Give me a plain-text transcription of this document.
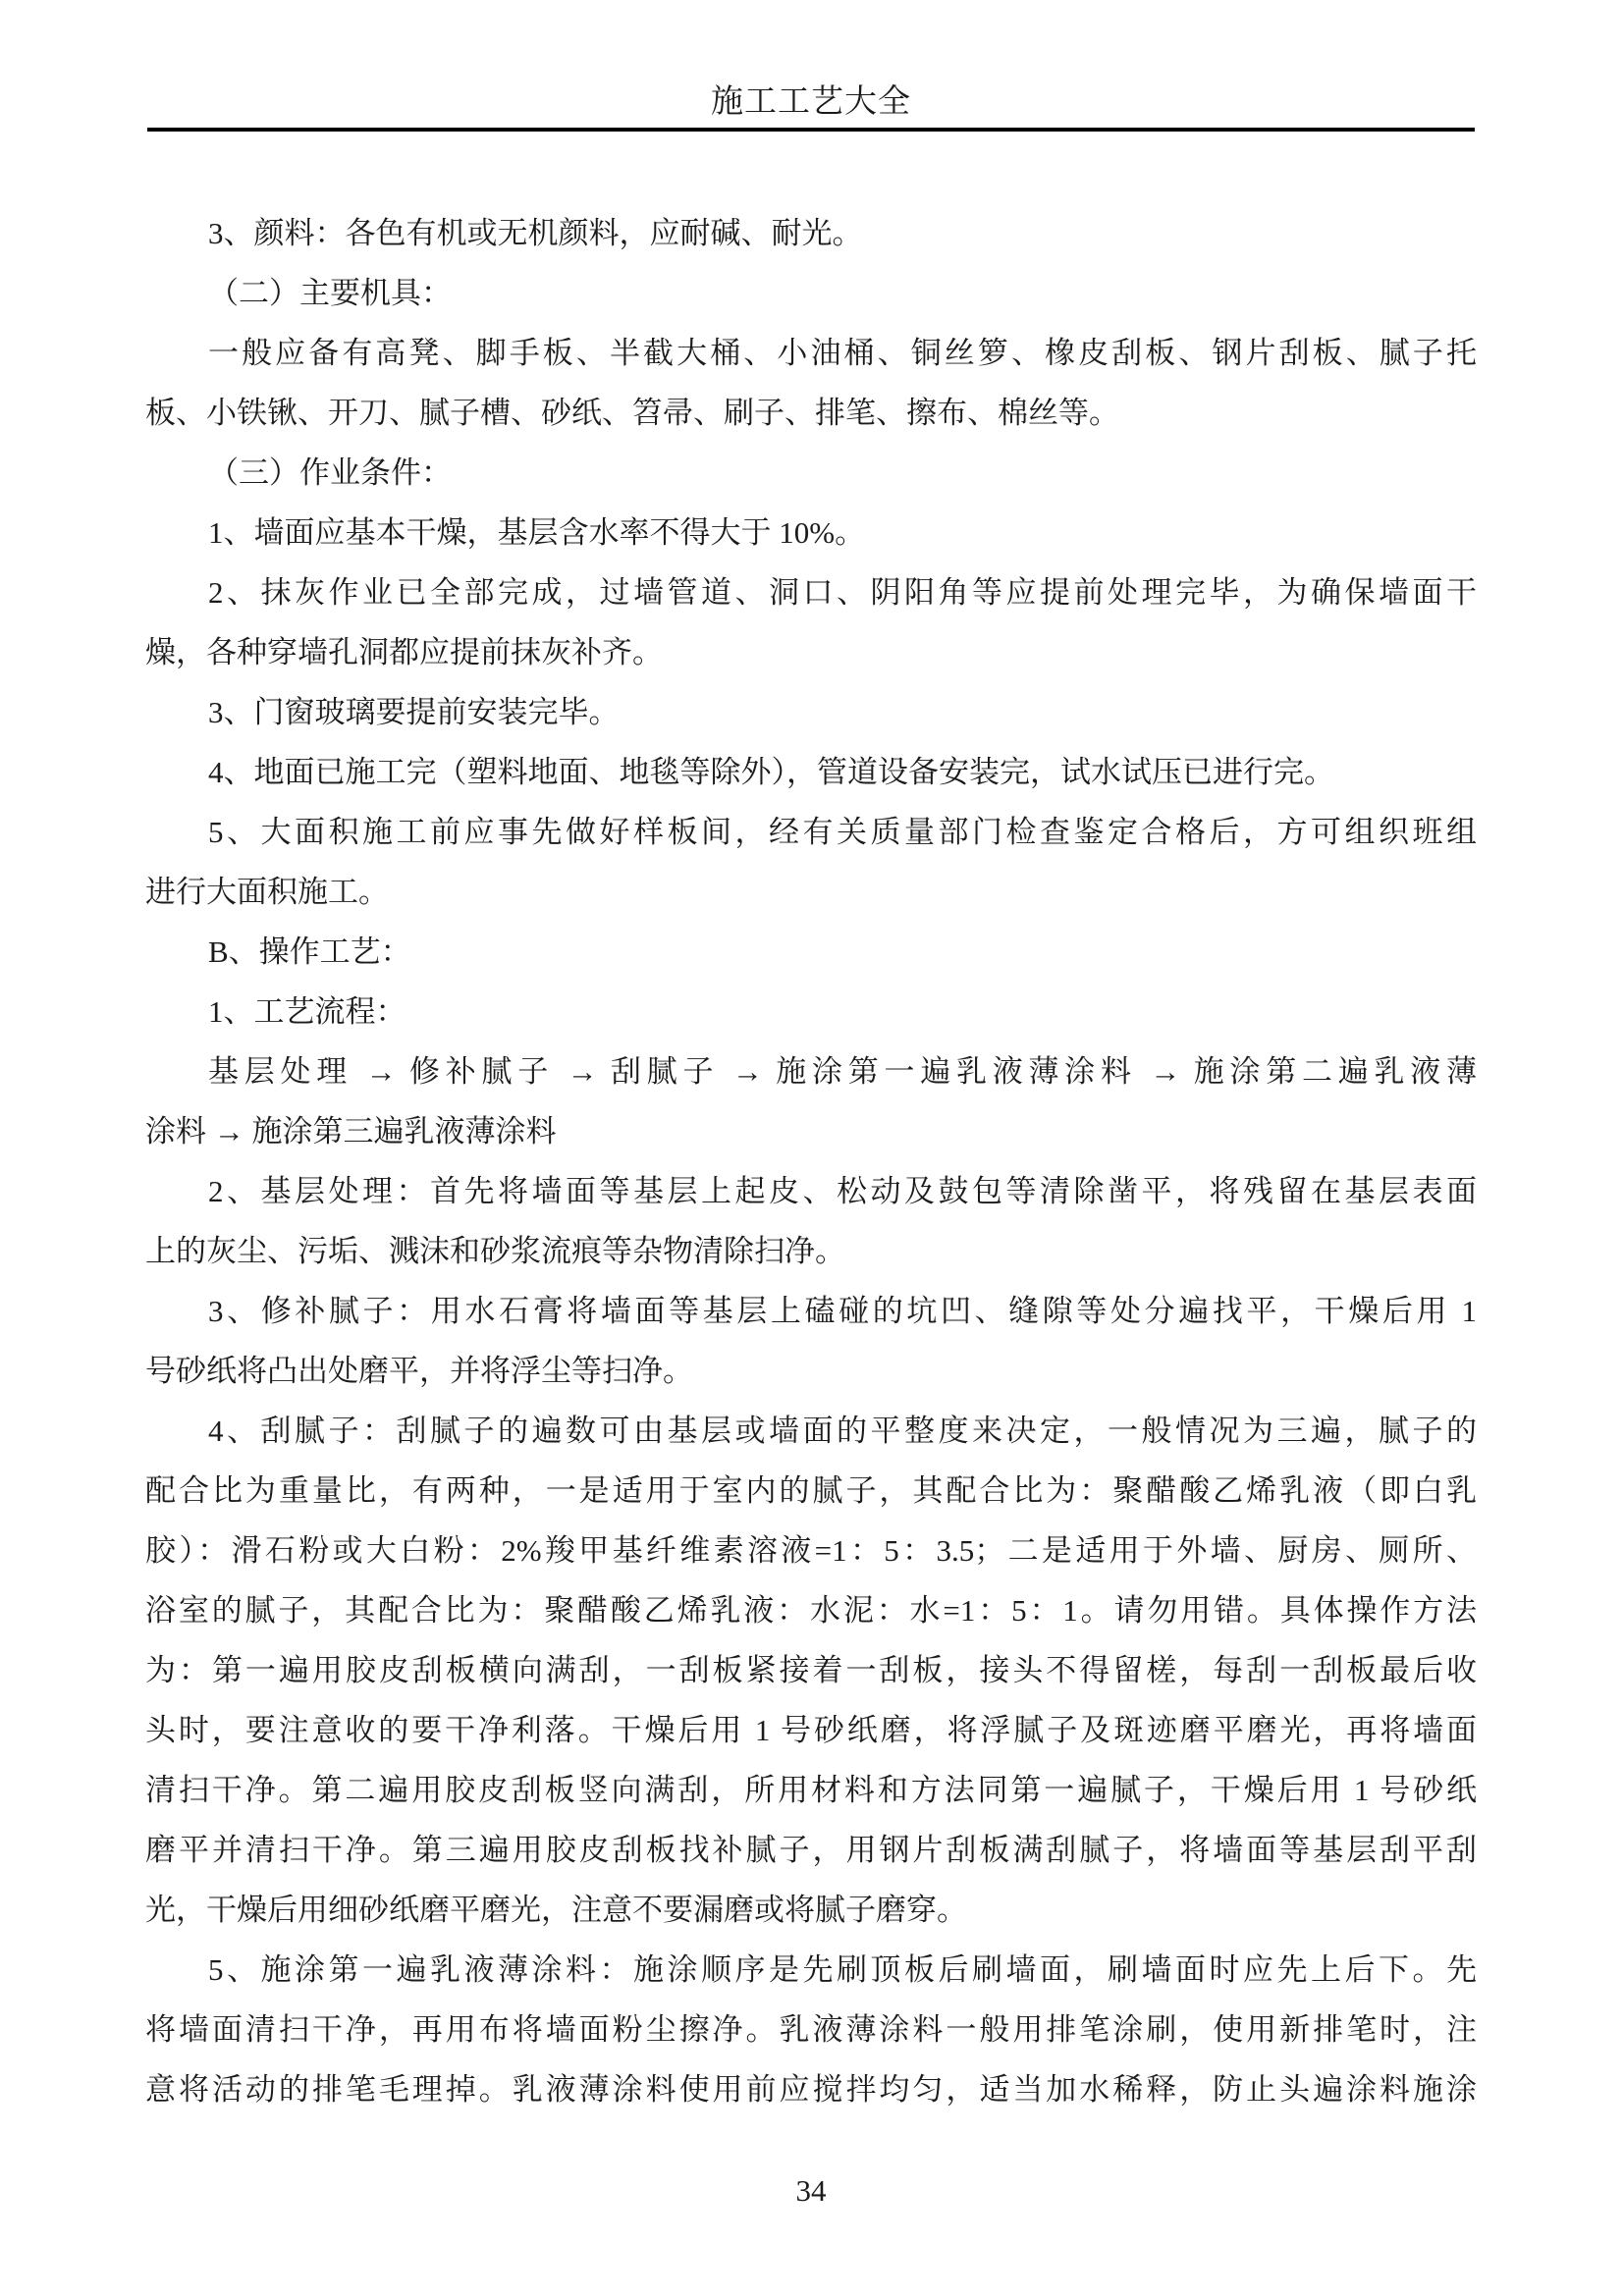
施工工艺大全
3、颜料：各色有机或无机颜料，应耐碱、耐光。
（二）主要机具：
一般应备有高凳、脚手板、半截大桶、小油桶、铜丝箩、橡皮刮板、钢片刮板、腻子托
板、小铁锹、开刀、腻子槽、砂纸、笤帚、刷子、排笔、擦布、棉丝等。
（三）作业条件：
1、墙面应基本干燥，基层含水率不得大于 10%。
2、抹灰作业已全部完成，过墙管道、洞口、阴阳角等应提前处理完毕，为确保墙面干
燥，各种穿墙孔洞都应提前抹灰补齐。
3、门窗玻璃要提前安装完毕。
4、地面已施工完（塑料地面、地毯等除外），管道设备安装完，试水试压已进行完。
5、大面积施工前应事先做好样板间，经有关质量部门检查鉴定合格后，方可组织班组
进行大面积施工。
B、操作工艺：
1、工艺流程：
基层处理 → 修补腻子 → 刮腻子 → 施涂第一遍乳液薄涂料 → 施涂第二遍乳液薄
涂料 → 施涂第三遍乳液薄涂料
2、基层处理：首先将墙面等基层上起皮、松动及鼓包等清除凿平，将残留在基层表面
上的灰尘、污垢、溅沫和砂浆流痕等杂物清除扫净。
3、修补腻子：用水石膏将墙面等基层上磕碰的坑凹、缝隙等处分遍找平，干燥后用 1
号砂纸将凸出处磨平，并将浮尘等扫净。
4、刮腻子：刮腻子的遍数可由基层或墙面的平整度来决定，一般情况为三遍，腻子的
配合比为重量比，有两种，一是适用于室内的腻子，其配合比为：聚醋酸乙烯乳液（即白乳
胶）：滑石粉或大白粉：2%羧甲基纤维素溶液=1：5：3.5；二是适用于外墙、厨房、厕所、
浴室的腻子，其配合比为：聚醋酸乙烯乳液：水泥：水=1：5：1。请勿用错。具体操作方法
为：第一遍用胶皮刮板横向满刮，一刮板紧接着一刮板，接头不得留槎，每刮一刮板最后收
头时，要注意收的要干净利落。干燥后用 1 号砂纸磨，将浮腻子及斑迹磨平磨光，再将墙面
清扫干净。第二遍用胶皮刮板竖向满刮，所用材料和方法同第一遍腻子，干燥后用 1 号砂纸
磨平并清扫干净。第三遍用胶皮刮板找补腻子，用钢片刮板满刮腻子，将墙面等基层刮平刮
光，干燥后用细砂纸磨平磨光，注意不要漏磨或将腻子磨穿。
5、施涂第一遍乳液薄涂料：施涂顺序是先刷顶板后刷墙面，刷墙面时应先上后下。先
将墙面清扫干净，再用布将墙面粉尘擦净。乳液薄涂料一般用排笔涂刷，使用新排笔时，注
意将活动的排笔毛理掉。乳液薄涂料使用前应搅拌均匀，适当加水稀释，防止头遍涂料施涂
34
